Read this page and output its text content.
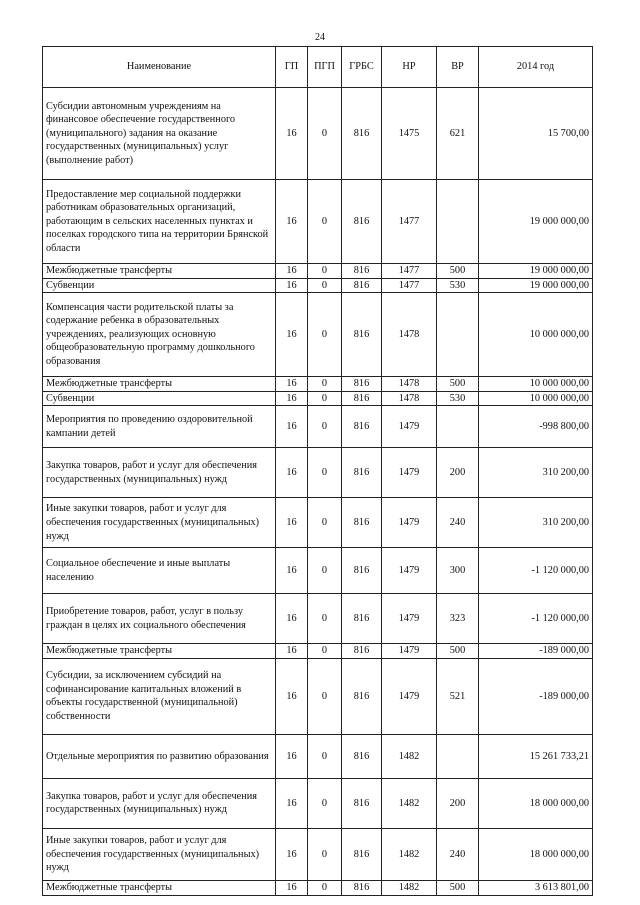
24
Наименование	ГП	ПГП	ГРБС	НР	ВР	2014 год
Субсидии автономным учреждениям на финансовое обеспечение государственного (муниципального) задания на оказание государственных (муниципальных) услуг (выполнение работ)	16	0	816	1475	621	15 700,00
Предоставление мер социальной поддержки работникам образовательных организаций, работающим в сельских населенных пунктах и поселках городского типа на территории Брянской области	16	0	816	1477		19 000 000,00
Межбюджетные трансферты	16	0	816	1477	500	19 000 000,00
Субвенции	16	0	816	1477	530	19 000 000,00
Компенсация части родительской платы за содержание ребенка в образовательных учреждениях, реализующих основную общеобразовательную программу дошкольного образования	16	0	816	1478		10 000 000,00
Межбюджетные трансферты	16	0	816	1478	500	10 000 000,00
Субвенции	16	0	816	1478	530	10 000 000,00
Мероприятия по проведению оздоровительной кампании детей	16	0	816	1479		-998 800,00
Закупка товаров, работ и услуг для обеспечения государственных (муниципальных) нужд	16	0	816	1479	200	310 200,00
Иные закупки товаров, работ и услуг для обеспечения государственных (муниципальных) нужд	16	0	816	1479	240	310 200,00
Социальное обеспечение и иные выплаты населению	16	0	816	1479	300	-1 120 000,00
Приобретение товаров, работ, услуг в пользу граждан в целях их социального обеспечения	16	0	816	1479	323	-1 120 000,00
Межбюджетные трансферты	16	0	816	1479	500	-189 000,00
Субсидии, за исключением субсидий на софинансирование капитальных вложений в объекты государственной (муниципальной) собственности	16	0	816	1479	521	-189 000,00
Отдельные мероприятия по развитию образования	16	0	816	1482		15 261 733,21
Закупка товаров, работ и услуг для обеспечения государственных (муниципальных) нужд	16	0	816	1482	200	18 000 000,00
Иные закупки товаров, работ и услуг для обеспечения государственных (муниципальных) нужд	16	0	816	1482	240	18 000 000,00
Межбюджетные трансферты	16	0	816	1482	500	3 613 801,00
